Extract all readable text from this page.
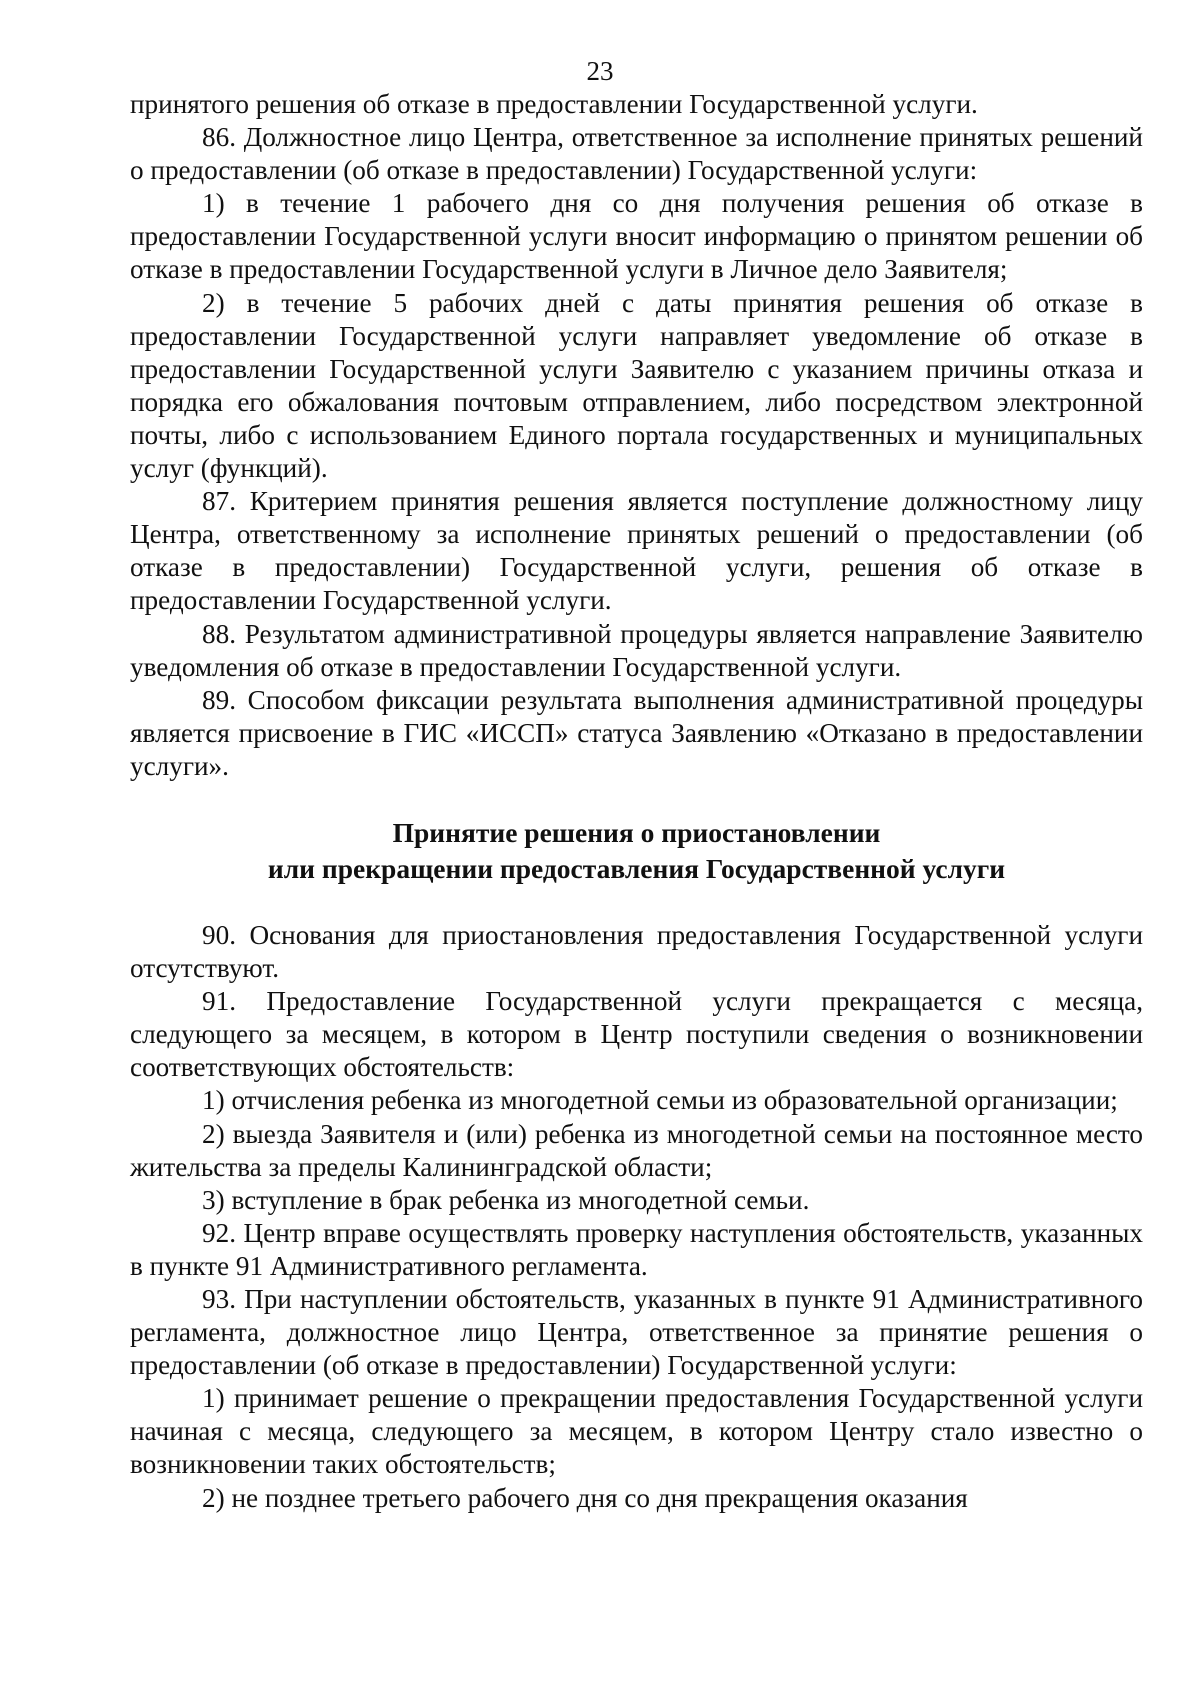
23

принятого решения об отказе в предоставлении Государственной услуги.

86. Должностное лицо Центра, ответственное за исполнение принятых решений о предоставлении (об отказе в предоставлении) Государственной услуги:

1) в течение 1 рабочего дня со дня получения решения об отказе в предоставлении Государственной услуги вносит информацию о принятом решении об отказе в предоставлении Государственной услуги в Личное дело Заявителя;

2) в течение 5 рабочих дней с даты принятия решения об отказе в предоставлении Государственной услуги направляет уведомление об отказе в предоставлении Государственной услуги Заявителю с указанием причины отказа и порядка его обжалования почтовым отправлением, либо посредством электронной почты, либо с использованием Единого портала государственных и муниципальных услуг (функций).

87. Критерием принятия решения является поступление должностному лицу Центра, ответственному за исполнение принятых решений о предоставлении (об отказе в предоставлении) Государственной услуги, решения об отказе в предоставлении Государственной услуги.

88. Результатом административной процедуры является направление Заявителю уведомления об отказе в предоставлении Государственной услуги.

89. Способом фиксации результата выполнения административной процедуры является присвоение в ГИС «ИССП» статуса Заявлению «Отказано в предоставлении услуги».

Принятие решения о приостановлении
или прекращении предоставления Государственной услуги

90. Основания для приостановления предоставления Государственной услуги отсутствуют.

91. Предоставление Государственной услуги прекращается с месяца, следующего за месяцем, в котором в Центр поступили сведения о возникновении соответствующих обстоятельств:

1) отчисления ребенка из многодетной семьи из образовательной организации;

2) выезда Заявителя и (или) ребенка из многодетной семьи на постоянное место жительства за пределы Калининградской области;

3) вступление в брак ребенка из многодетной семьи.

92. Центр вправе осуществлять проверку наступления обстоятельств, указанных в пункте 91 Административного регламента.

93. При наступлении обстоятельств, указанных в пункте 91 Административного регламента, должностное лицо Центра, ответственное за принятие решения о предоставлении (об отказе в предоставлении) Государственной услуги:

1) принимает решение о прекращении предоставления Государственной услуги начиная с месяца, следующего за месяцем, в котором Центру стало известно о возникновении таких обстоятельств;

2) не позднее третьего рабочего дня со дня прекращения оказания
